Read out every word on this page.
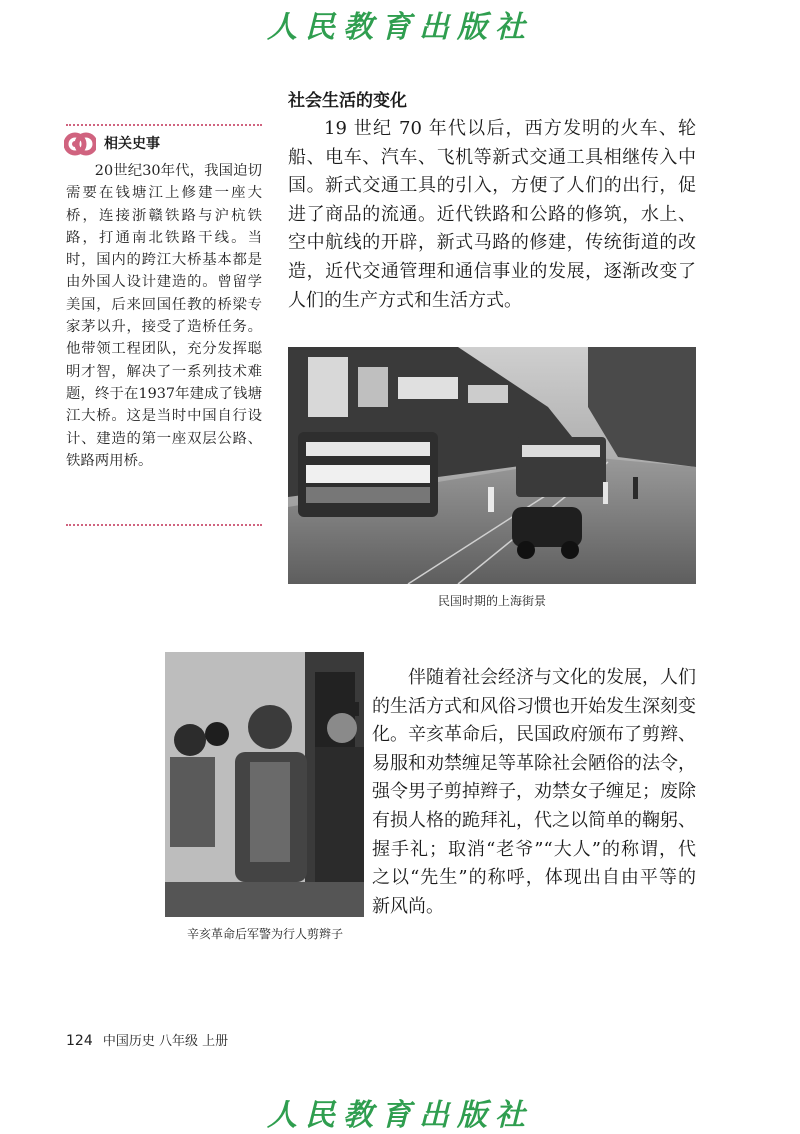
人民教育出版社
社会生活的变化

19 世纪 70 年代以后，西方发明的火车、轮船、电车、汽车、飞机等新式交通工具相继传入中国。新式交通工具的引入，方便了人们的出行，促进了商品的流通。近代铁路和公路的修筑，水上、空中航线的开辟，新式马路的修建，传统街道的改造，近代交通管理和通信事业的发展，逐渐改变了人们的生产方式和生活方式。

相关史事

20世纪30年代，我国迫切需要在钱塘江上修建一座大桥，连接浙赣铁路与沪杭铁路，打通南北铁路干线。当时，国内的跨江大桥基本都是由外国人设计建造的。曾留学美国，后来回国任教的桥梁专家茅以升，接受了造桥任务。他带领工程团队，充分发挥聪明才智，解决了一系列技术难题，终于在1937年建成了钱塘江大桥。这是当时中国自行设计、建造的第一座双层公路、铁路两用桥。

民国时期的上海街景
辛亥革命后军警为行人剪辫子

伴随着社会经济与文化的发展，人们的生活方式和风俗习惯也开始发生深刻变化。辛亥革命后，民国政府颁布了剪辫、易服和劝禁缠足等革除社会陋俗的法令，强令男子剪掉辫子，劝禁女子缠足；废除有损人格的跪拜礼，代之以简单的鞠躬、握手礼；取消“老爷”“大人”的称谓，代之以“先生”的称呼，体现出自由平等的新风尚。

124 中国历史 八年级 上册
人民教育出版社
